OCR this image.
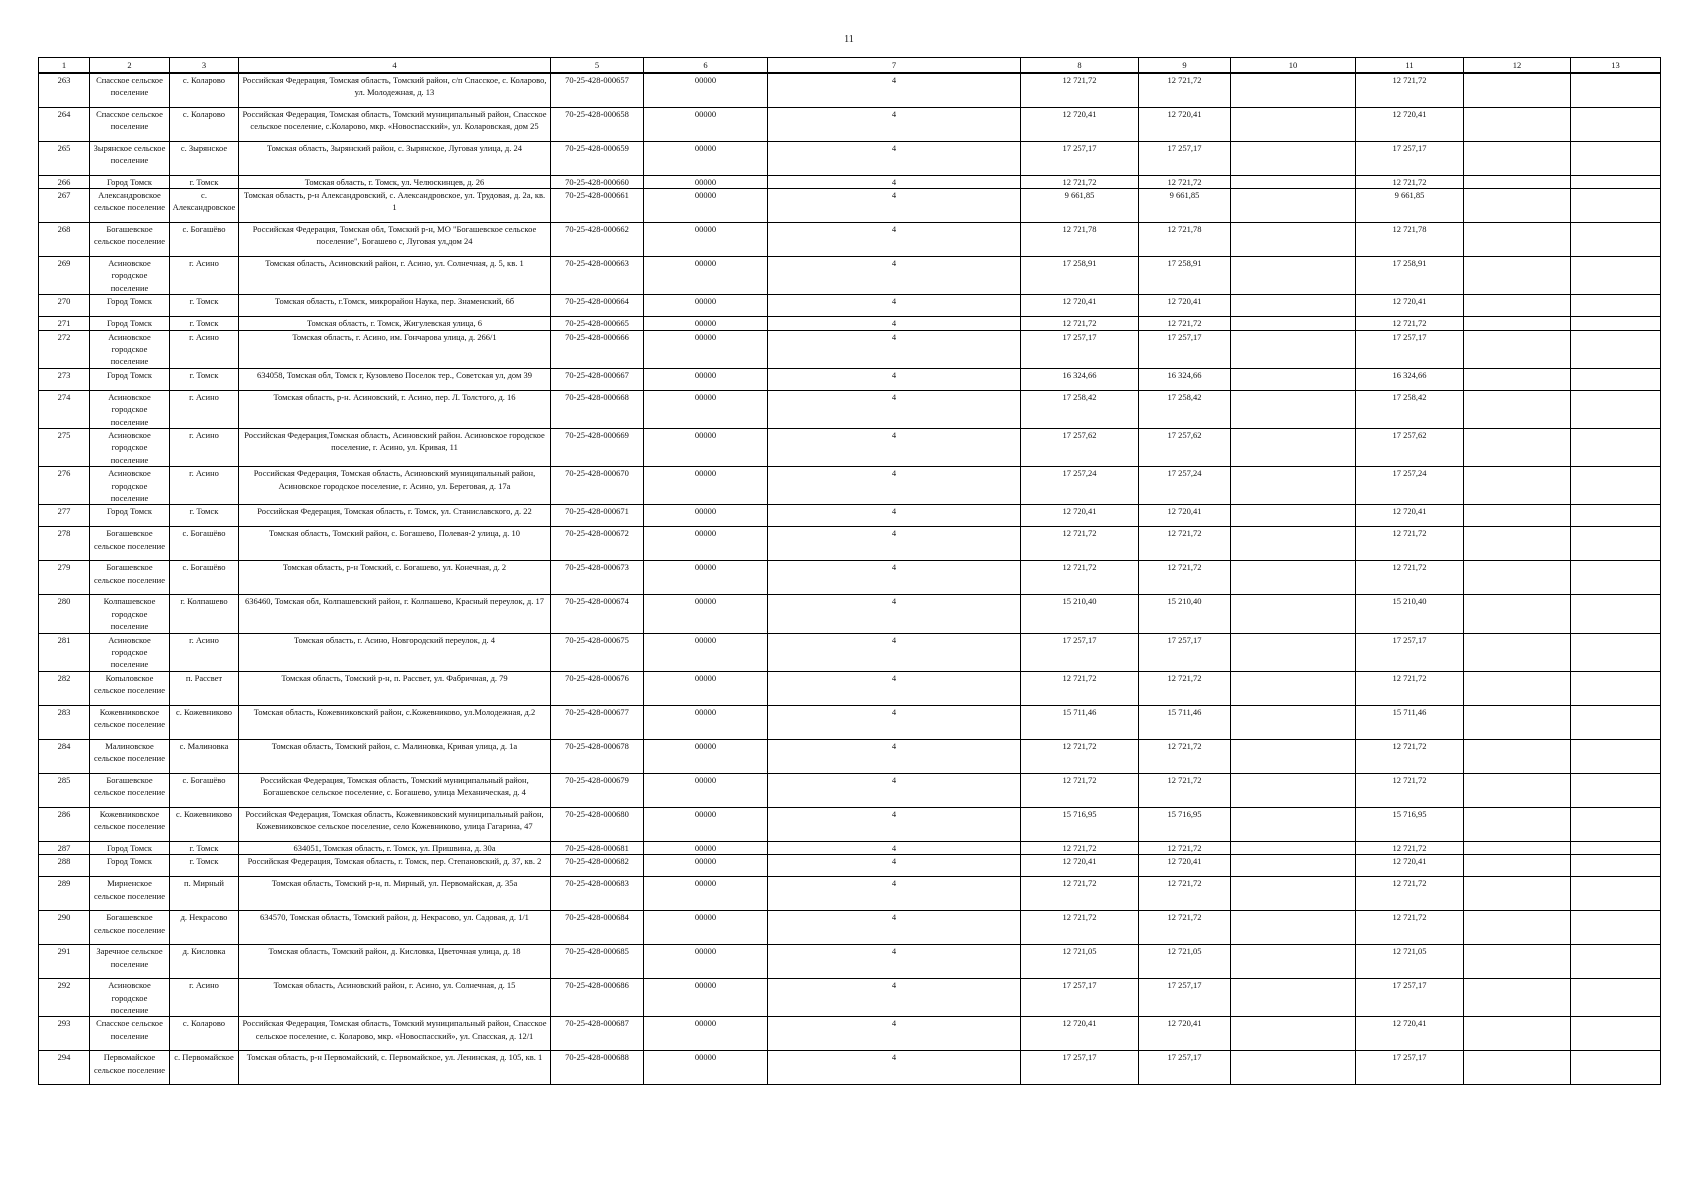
11
1	2	3	4	5	6	7	8	9	10	11	12	13
263	Спасское сельское поселение	с. Коларово	Российская Федерация, Томская область, Томский район, с/п Спасское, с. Коларово, ул. Молодежная, д. 13	70-25-428-000657	00000	4	12 721,72	12 721,72		12 721,72		
264	Спасское сельское поселение	с. Коларово	Российская Федерация, Томская область, Томский муниципальный район, Спасское сельское поселение, с.Коларово, мкр. «Новоспасский», ул. Коларовская, дом 25	70-25-428-000658	00000	4	12 720,41	12 720,41		12 720,41		
265	Зырянское сельское поселение	с. Зырянское	Томская область, Зырянский район, с. Зырянское, Луговая улица, д. 24	70-25-428-000659	00000	4	17 257,17	17 257,17		17 257,17		
266	Город Томск	г. Томск	Томская область, г. Томск, ул. Челюскинцев, д. 26	70-25-428-000660	00000	4	12 721,72	12 721,72		12 721,72		
267	Александровское сельское поселение	с. Александровское	Томская область, р-н Александровский, с. Александровское, ул. Трудовая, д. 2а, кв. 1	70-25-428-000661	00000	4	9 661,85	9 661,85		9 661,85		
268	Богашевское сельское поселение	с. Богашёво	Российская Федерация, Томская обл, Томский р-н, МО "Богашевское сельское поселение", Богашево с, Луговая ул,дом 24	70-25-428-000662	00000	4	12 721,78	12 721,78		12 721,78		
269	Асиновское городское поселение	г. Асино	Томская область, Асиновский район, г. Асино, ул. Солнечная, д. 5, кв. 1	70-25-428-000663	00000	4	17 258,91	17 258,91		17 258,91		
270	Город Томск	г. Томск	Томская область, г.Томск, микрорайон Наука, пер. Знаменский, 6б	70-25-428-000664	00000	4	12 720,41	12 720,41		12 720,41		
271	Город Томск	г. Томск	Томская область, г. Томск, Жигулевская улица, 6	70-25-428-000665	00000	4	12 721,72	12 721,72		12 721,72		
272	Асиновское городское поселение	г. Асино	Томская область, г. Асино, им. Гончарова улица, д. 266/1	70-25-428-000666	00000	4	17 257,17	17 257,17		17 257,17		
273	Город Томск	г. Томск	634058, Томская обл, Томск г, Кузовлево Поселок тер., Советская ул, дом 39	70-25-428-000667	00000	4	16 324,66	16 324,66		16 324,66		
274	Асиновское городское поселение	г. Асино	Томская область, р-н. Асиновский, г. Асино, пер. Л. Толстого, д. 16	70-25-428-000668	00000	4	17 258,42	17 258,42		17 258,42		
275	Асиновское городское поселение	г. Асино	Российская Федерация,Томская область, Асиновский район. Асиновское городское поселение, г. Асино, ул. Кривая, 11	70-25-428-000669	00000	4	17 257,62	17 257,62		17 257,62		
276	Асиновское городское поселение	г. Асино	Российская Федерация, Томская область, Асиновский муниципальный район, Асиновское городское поселение, г. Асино, ул. Береговая, д. 17а	70-25-428-000670	00000	4	17 257,24	17 257,24		17 257,24		
277	Город Томск	г. Томск	Российская Федерация, Томская область, г. Томск, ул. Станиславского, д. 22	70-25-428-000671	00000	4	12 720,41	12 720,41		12 720,41		
278	Богашевское сельское поселение	с. Богашёво	Томская область, Томский район, с. Богашево, Полевая-2 улица, д. 10	70-25-428-000672	00000	4	12 721,72	12 721,72		12 721,72		
279	Богашевское сельское поселение	с. Богашёво	Томская область, р-н Томский, с. Богашево, ул. Конечная, д. 2	70-25-428-000673	00000	4	12 721,72	12 721,72		12 721,72		
280	Колпашевское городское поселение	г. Колпашево	636460, Томская обл, Колпашевский район, г. Колпашево, Красный переулок, д. 17	70-25-428-000674	00000	4	15 210,40	15 210,40		15 210,40		
281	Асиновское городское поселение	г. Асино	Томская область, г. Асино, Новгородский переулок, д. 4	70-25-428-000675	00000	4	17 257,17	17 257,17		17 257,17		
282	Копыловское сельское поселение	п. Рассвет	Томская область, Томский р-н, п. Рассвет, ул. Фабричная, д. 79	70-25-428-000676	00000	4	12 721,72	12 721,72		12 721,72		
283	Кожевниковское сельское поселение	с. Кожевниково	Томская область, Кожевниковский район, с.Кожевниково, ул.Молодежная, д.2	70-25-428-000677	00000	4	15 711,46	15 711,46		15 711,46		
284	Малиновское сельское поселение	с. Малиновка	Томская область, Томский район, с. Малиновка, Кривая улица, д. 1а	70-25-428-000678	00000	4	12 721,72	12 721,72		12 721,72		
285	Богашевское сельское поселение	с. Богашёво	Российская Федерация, Томская область, Томский муниципальный район, Богашевское сельское поселение, с. Богашево, улица Механическая, д. 4	70-25-428-000679	00000	4	12 721,72	12 721,72		12 721,72		
286	Кожевниковское сельское поселение	с. Кожевниково	Российская Федерация, Томская область, Кожевниковский муниципальный район, Кожевниковское сельское поселение, село Кожевниково, улица Гагарина, 47	70-25-428-000680	00000	4	15 716,95	15 716,95		15 716,95		
287	Город Томск	г. Томск	634051, Томская область, г. Томск, ул. Пришвина, д. 30а	70-25-428-000681	00000	4	12 721,72	12 721,72		12 721,72		
288	Город Томск	г. Томск	Российская Федерация, Томская область, г. Томск, пер. Степановский, д. 37, кв. 2	70-25-428-000682	00000	4	12 720,41	12 720,41		12 720,41		
289	Мирненское сельское поселение	п. Мирный	Томская область, Томский р-н, п. Мирный, ул. Первомайская, д. 35а	70-25-428-000683	00000	4	12 721,72	12 721,72		12 721,72		
290	Богашевское сельское поселение	д. Некрасово	634570, Томская область, Томский район, д. Некрасово, ул. Садовая, д. 1/1	70-25-428-000684	00000	4	12 721,72	12 721,72		12 721,72		
291	Заречное сельское поселение	д. Кисловка	Томская область, Томский район, д. Кисловка, Цветочная улица, д. 18	70-25-428-000685	00000	4	12 721,05	12 721,05		12 721,05		
292	Асиновское городское поселение	г. Асино	Томская область, Асиновский район, г. Асино, ул. Солнечная, д. 15	70-25-428-000686	00000	4	17 257,17	17 257,17		17 257,17		
293	Спасское сельское поселение	с. Коларово	Российская Федерация, Томская область, Томский муниципальный район, Спасское сельское поселение, с. Коларово, мкр. «Новоспасский», ул. Спасская, д. 12/1	70-25-428-000687	00000	4	12 720,41	12 720,41		12 720,41		
294	Первомайское сельское поселение	с. Первомайское	Томская область, р-н Первомайский, с. Первомайское, ул. Ленинская, д. 105, кв. 1	70-25-428-000688	00000	4	17 257,17	17 257,17		17 257,17		
